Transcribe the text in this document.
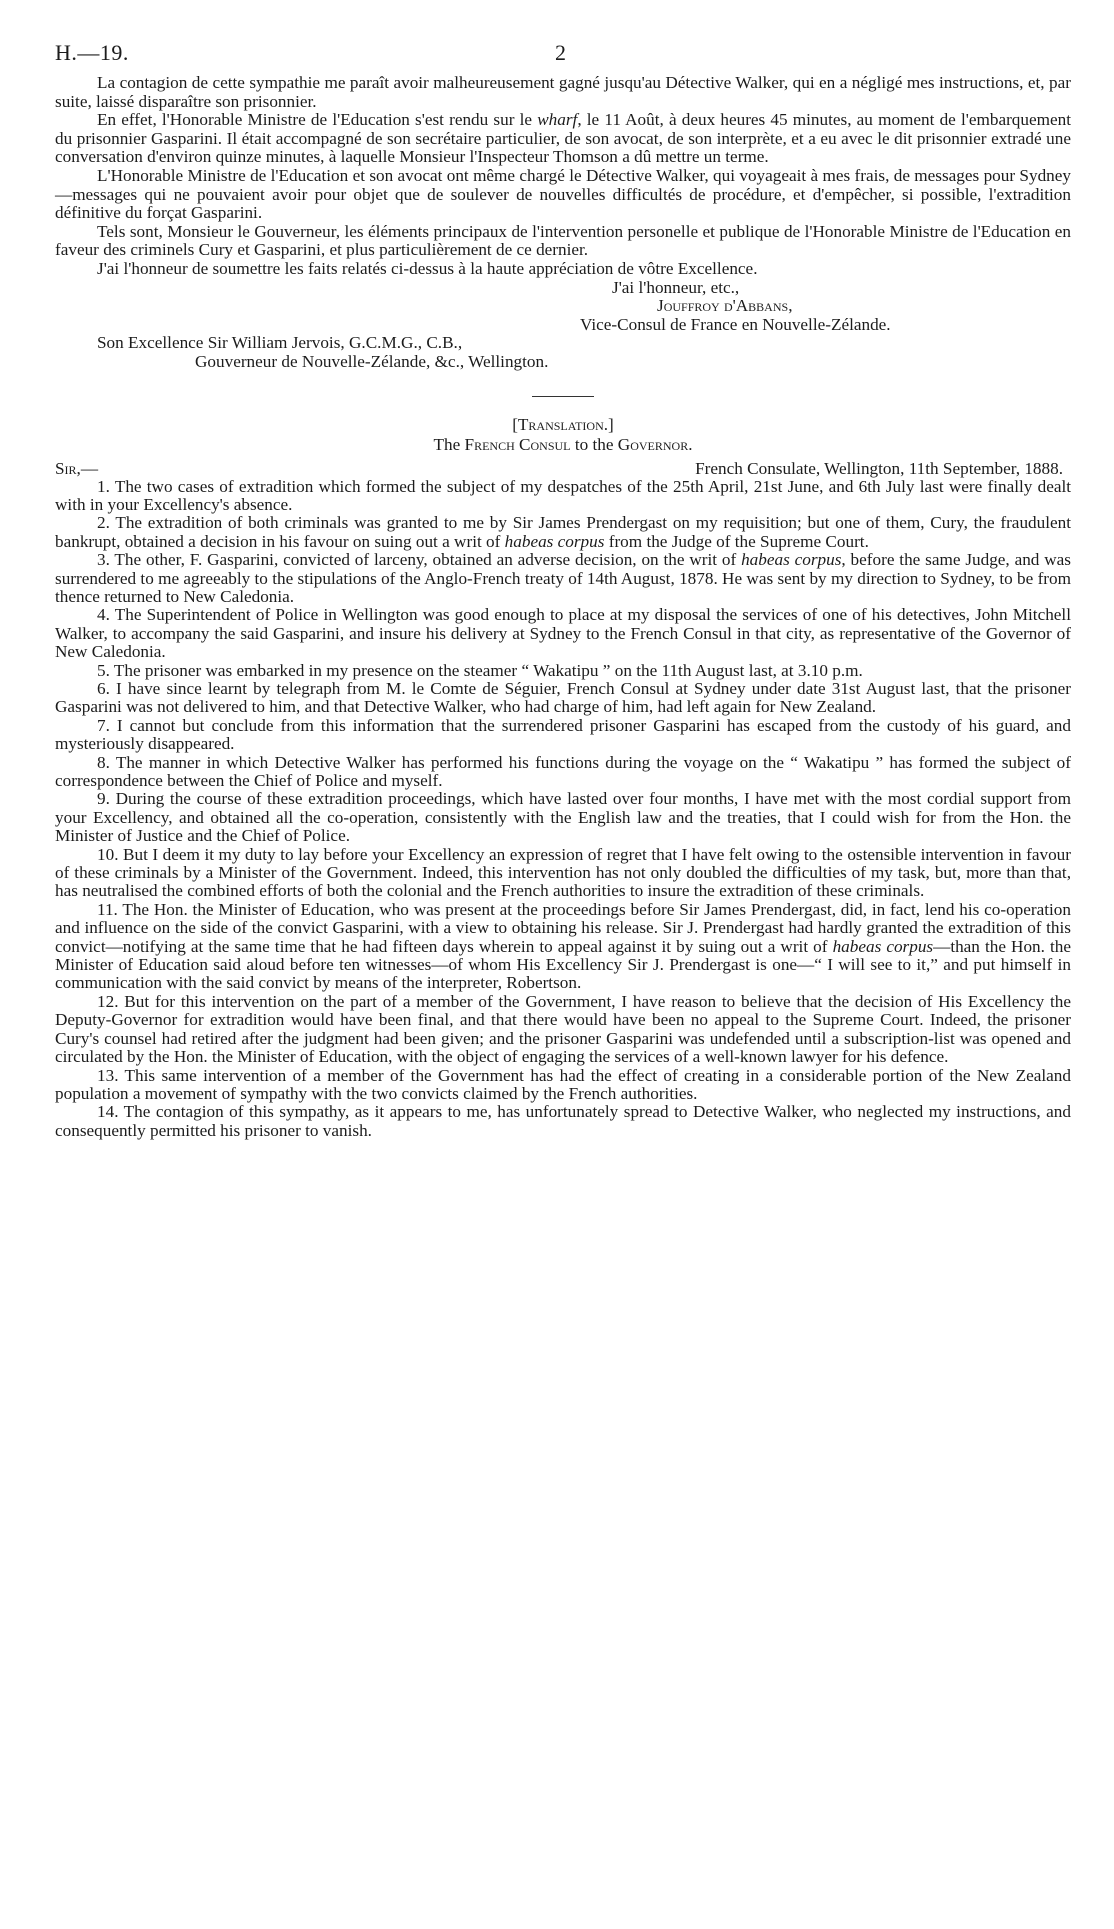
H.—19.	2

La contagion de cette sympathie me paraît avoir malheureusement gagné jusqu'au Détective Walker, qui en a négligé mes instructions, et, par suite, laissé disparaître son prisonnier.

En effet, l'Honorable Ministre de l'Education s'est rendu sur le wharf, le 11 Août, à deux heures 45 minutes, au moment de l'embarquement du prisonnier Gasparini. Il était accompagné de son secrétaire particulier, de son avocat, de son interprète, et a eu avec le dit prisonnier extradé une conversation d'environ quinze minutes, à laquelle Monsieur l'Inspecteur Thomson a dû mettre un terme.

L'Honorable Ministre de l'Education et son avocat ont même chargé le Détective Walker, qui voyageait à mes frais, de messages pour Sydney—messages qui ne pouvaient avoir pour objet que de soulever de nouvelles difficultés de procédure, et d'empêcher, si possible, l'extradition définitive du forçat Gasparini.

Tels sont, Monsieur le Gouverneur, les éléments principaux de l'intervention personelle et publique de l'Honorable Ministre de l'Education en faveur des criminels Cury et Gasparini, et plus particulièrement de ce dernier.

J'ai l'honneur de soumettre les faits relatés ci-dessus à la haute appréciation de vôtre Excellence.

J'ai l'honneur, etc.,

Jouffroy d'Abbans,

Vice-Consul de France en Nouvelle-Zélande.

Son Excellence Sir William Jervois, G.C.M.G., C.B.,

Gouverneur de Nouvelle-Zélande, &c., Wellington.

[Translation.]

The French Consul to the Governor.

Sir,—	French Consulate, Wellington, 11th September, 1888.

1. The two cases of extradition which formed the subject of my despatches of the 25th April, 21st June, and 6th July last were finally dealt with in your Excellency's absence.

2. The extradition of both criminals was granted to me by Sir James Prendergast on my requisition; but one of them, Cury, the fraudulent bankrupt, obtained a decision in his favour on suing out a writ of habeas corpus from the Judge of the Supreme Court.

3. The other, F. Gasparini, convicted of larceny, obtained an adverse decision, on the writ of habeas corpus, before the same Judge, and was surrendered to me agreeably to the stipulations of the Anglo-French treaty of 14th August, 1878. He was sent by my direction to Sydney, to be from thence returned to New Caledonia.

4. The Superintendent of Police in Wellington was good enough to place at my disposal the services of one of his detectives, John Mitchell Walker, to accompany the said Gasparini, and insure his delivery at Sydney to the French Consul in that city, as representative of the Governor of New Caledonia.

5. The prisoner was embarked in my presence on the steamer “ Wakatipu ” on the 11th August last, at 3.10 p.m.

6. I have since learnt by telegraph from M. le Comte de Séguier, French Consul at Sydney under date 31st August last, that the prisoner Gasparini was not delivered to him, and that Detective Walker, who had charge of him, had left again for New Zealand.

7. I cannot but conclude from this information that the surrendered prisoner Gasparini has escaped from the custody of his guard, and mysteriously disappeared.

8. The manner in which Detective Walker has performed his functions during the voyage on the “ Wakatipu ” has formed the subject of correspondence between the Chief of Police and myself.

9. During the course of these extradition proceedings, which have lasted over four months, I have met with the most cordial support from your Excellency, and obtained all the co-operation, consistently with the English law and the treaties, that I could wish for from the Hon. the Minister of Justice and the Chief of Police.

10. But I deem it my duty to lay before your Excellency an expression of regret that I have felt owing to the ostensible intervention in favour of these criminals by a Minister of the Government. Indeed, this intervention has not only doubled the difficulties of my task, but, more than that, has neutralised the combined efforts of both the colonial and the French authorities to insure the extradition of these criminals.

11. The Hon. the Minister of Education, who was present at the proceedings before Sir James Prendergast, did, in fact, lend his co-operation and influence on the side of the convict Gasparini, with a view to obtaining his release. Sir J. Prendergast had hardly granted the extradition of this convict—notifying at the same time that he had fifteen days wherein to appeal against it by suing out a writ of habeas corpus—than the Hon. the Minister of Education said aloud before ten witnesses—of whom His Excellency Sir J. Prendergast is one—“ I will see to it,” and put himself in communication with the said convict by means of the interpreter, Robertson.

12. But for this intervention on the part of a member of the Government, I have reason to believe that the decision of His Excellency the Deputy-Governor for extradition would have been final, and that there would have been no appeal to the Supreme Court. Indeed, the prisoner Cury's counsel had retired after the judgment had been given; and the prisoner Gasparini was undefended until a subscription-list was opened and circulated by the Hon. the Minister of Education, with the object of engaging the services of a well-known lawyer for his defence.

13. This same intervention of a member of the Government has had the effect of creating in a considerable portion of the New Zealand population a movement of sympathy with the two convicts claimed by the French authorities.

14. The contagion of this sympathy, as it appears to me, has unfortunately spread to Detective Walker, who neglected my instructions, and consequently permitted his prisoner to vanish.
